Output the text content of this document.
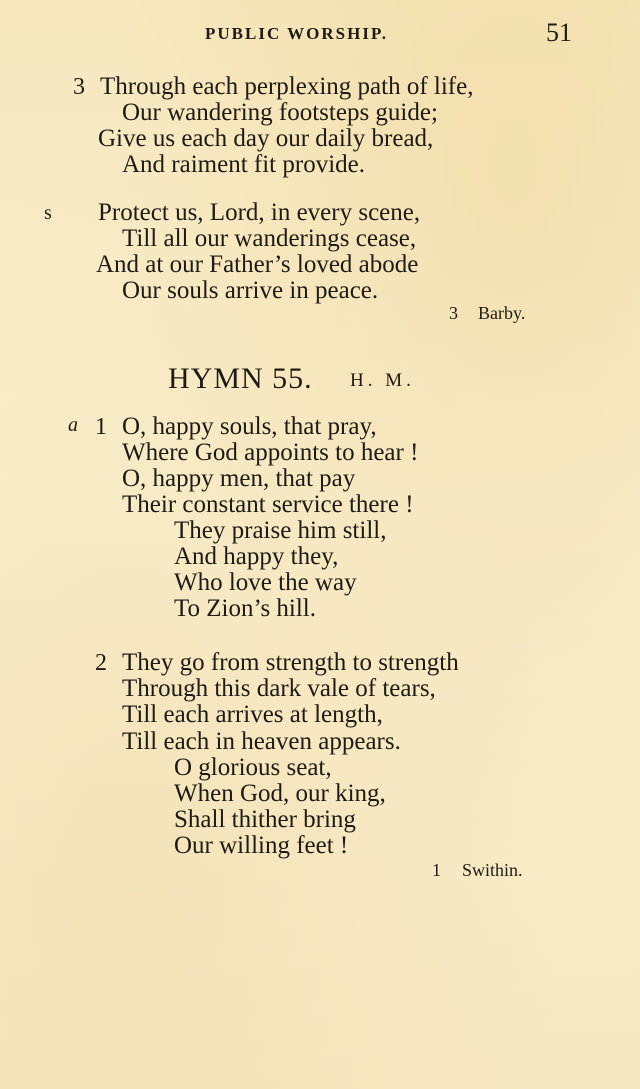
PUBLIC WORSHIP.	51
3 Through each perplexing path of life,
Our wandering footsteps guide;
Give us each day our daily bread,
And raiment fit provide.
s Protect us, Lord, in every scene,
Till all our wanderings cease,
And at our Father’s loved abode
Our souls arrive in peace.
3 Barby.
HYMN 55. H. M.
a 1 O, happy souls, that pray,
Where God appoints to hear !
O, happy men, that pay
Their constant service there !
They praise him still,
And happy they,
Who love the way
To Zion’s hill.
2 They go from strength to strength
Through this dark vale of tears,
Till each arrives at length,
Till each in heaven appears.
O glorious seat,
When God, our king,
Shall thither bring
Our willing feet !
1 Swithin.
